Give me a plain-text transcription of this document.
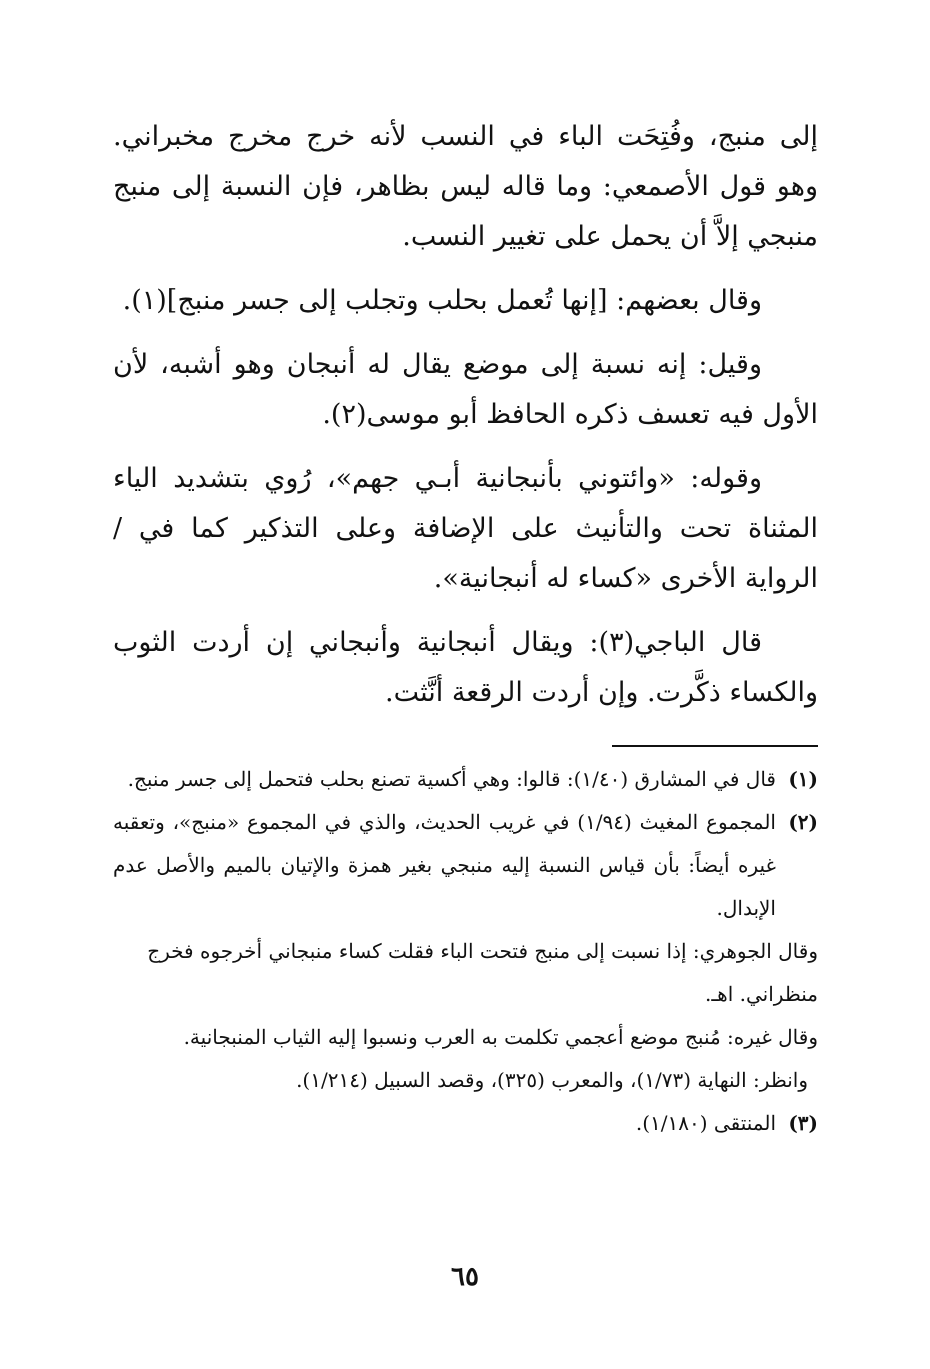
إلى منبج، وفُتِحَت الباء في النسب لأنه خرج مخرج مخبراني. وهو قول الأصمعي: وما قاله ليس بظاهر، فإن النسبة إلى منبج منبجي إلاَّ أن يحمل على تغيير النسب.

وقال بعضهم: [إنها تُعمل بحلب وتجلب إلى جسر منبج](١).

وقيل: إنه نسبة إلى موضع يقال له أنبجان وهو أشبه، لأن الأول فيه تعسف ذكره الحافظ أبو موسى(٢).

وقوله: «وائتوني بأنبجانية أبـي جهم»، رُوي بتشديد الياء المثناة تحت والتأنيث على الإضافة وعلى التذكير كما في / الرواية الأخرى «كساء له أنبجانية».

قال الباجي(٣): ويقال أنبجانية وأنبجاني إن أردت الثوب والكساء ذكَّرت. وإن أردت الرقعة أنَّثت.

(١)
قال في المشارق (١/٤٠): قالوا: وهي أكسية تصنع بحلب فتحمل إلى جسر منبج.
(٢)
المجموع المغيث (١/٩٤) في غريب الحديث، والذي في المجموع «منبج»، وتعقبه غيره أيضاً: بأن قياس النسبة إليه منبجي بغير همزة والإتيان بالميم والأصل عدم الإبدال.
وقال الجوهري: إذا نسبت إلى منبج فتحت الباء فقلت كساء منبجاني أخرجوه فخرج منظراني. اهـ.
وقال غيره: مُنبج موضع أعجمي تكلمت به العرب ونسبوا إليه الثياب المنبجانية.
وانظر: النهاية (١/٧٣)، والمعرب (٣٢٥)، وقصد السبيل (١/٢١٤).
(٣)
المنتقى (١/١٨٠).
٦٥
